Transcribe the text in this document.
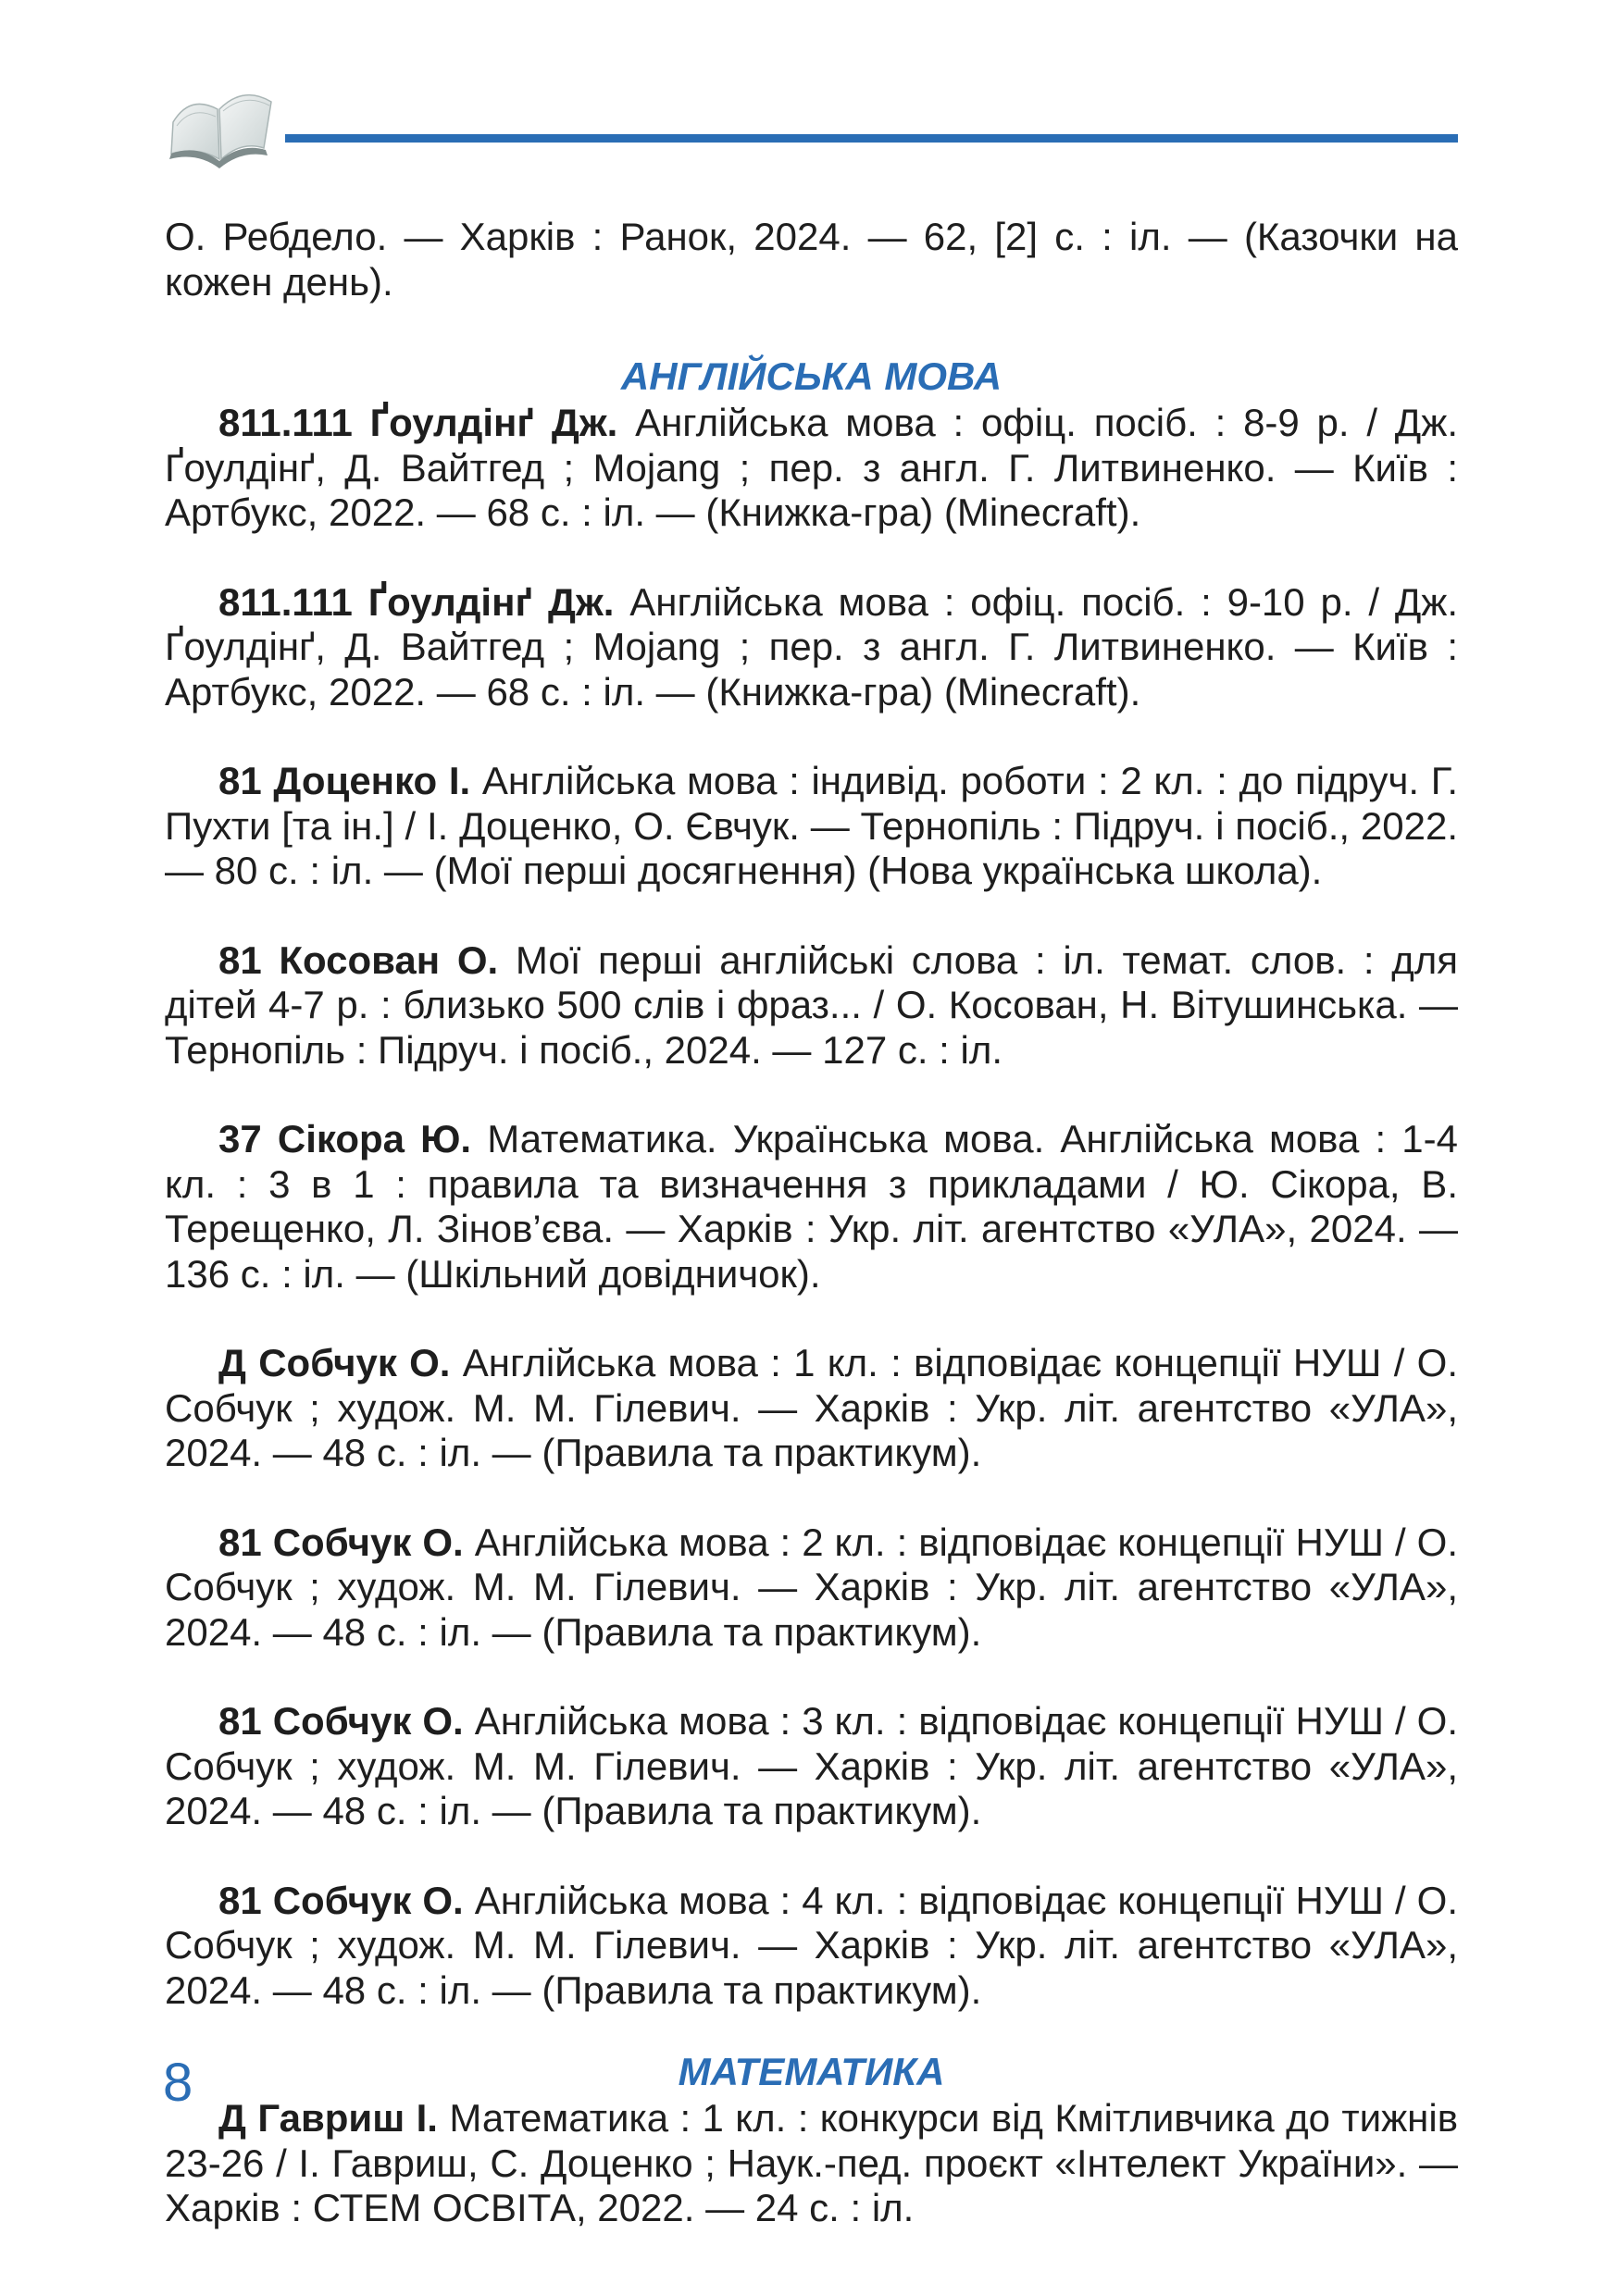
О. Ребдело. — Харків : Ранок, 2024. — 62, [2] с. : іл. — (Казочки на кожен день).

АНГЛІЙСЬКА МОВА

811.111 Ґоулдінґ Дж. Англійська мова : офіц. посіб. : 8-9 р. / Дж. Ґоулдінґ, Д. Вайтгед ; Mojang ; пер. з англ. Г. Литвиненко. — Київ : Артбукс, 2022. — 68 с. : іл. — (Книжка-гра) (Minecraft).

811.111 Ґоулдінґ Дж. Англійська мова : офіц. посіб. : 9-10 р. / Дж. Ґоулдінґ, Д. Вайтгед ; Mojang ; пер. з англ. Г. Литвиненко. — Київ : Артбукс, 2022. — 68 с. : іл. — (Книжка-гра) (Minecraft).

81 Доценко І. Англійська мова : індивід. роботи : 2 кл. : до підруч. Г. Пухти [та ін.] / І. Доценко, О. Євчук. — Тернопіль : Підруч. і посіб., 2022. — 80 с. : іл. — (Мої перші досягнення) (Нова українська школа).

81 Косован О. Мої перші англійські слова : іл. темат. слов. : для дітей 4-7 р. : близько 500 слів і фраз... / О. Косован, Н. Вітушинська. — Тернопіль : Підруч. і посіб., 2024. — 127 с. : іл.

37 Сікора Ю. Математика. Українська мова. Англійська мова : 1-4 кл. : 3 в 1 : правила та визначення з прикладами / Ю. Сікора, В. Терещенко, Л. Зінов’єва. — Харків : Укр. літ. агентство «УЛА», 2024. — 136 с. : іл. — (Шкільний довідничок).

Д Собчук О. Англійська мова : 1 кл. : відповідає концепції НУШ / О. Собчук ; худож. М. М. Гілевич. — Харків : Укр. літ. агентство «УЛА», 2024. — 48 с. : іл. — (Правила та практикум).

81 Собчук О. Англійська мова : 2 кл. : відповідає концепції НУШ / О. Собчук ; худож. М. М. Гілевич. — Харків : Укр. літ. агентство «УЛА», 2024. — 48 с. : іл. — (Правила та практикум).

81 Собчук О. Англійська мова : 3 кл. : відповідає концепції НУШ / О. Собчук ; худож. М. М. Гілевич. — Харків : Укр. літ. агентство «УЛА», 2024. — 48 с. : іл. — (Правила та практикум).

81 Собчук О. Англійська мова : 4 кл. : відповідає концепції НУШ / О. Собчук ; худож. М. М. Гілевич. — Харків : Укр. літ. агентство «УЛА», 2024. — 48 с. : іл. — (Правила та практикум).

МАТЕМАТИКА

Д Гавриш І. Математика : 1 кл. : конкурси від Кмітливчика до тижнів 23-26 / І. Гавриш, С. Доценко ; Наук.-пед. проєкт «Інтелект України». — Харків : СТЕМ ОСВІТА, 2022. — 24 с. : іл.

8
